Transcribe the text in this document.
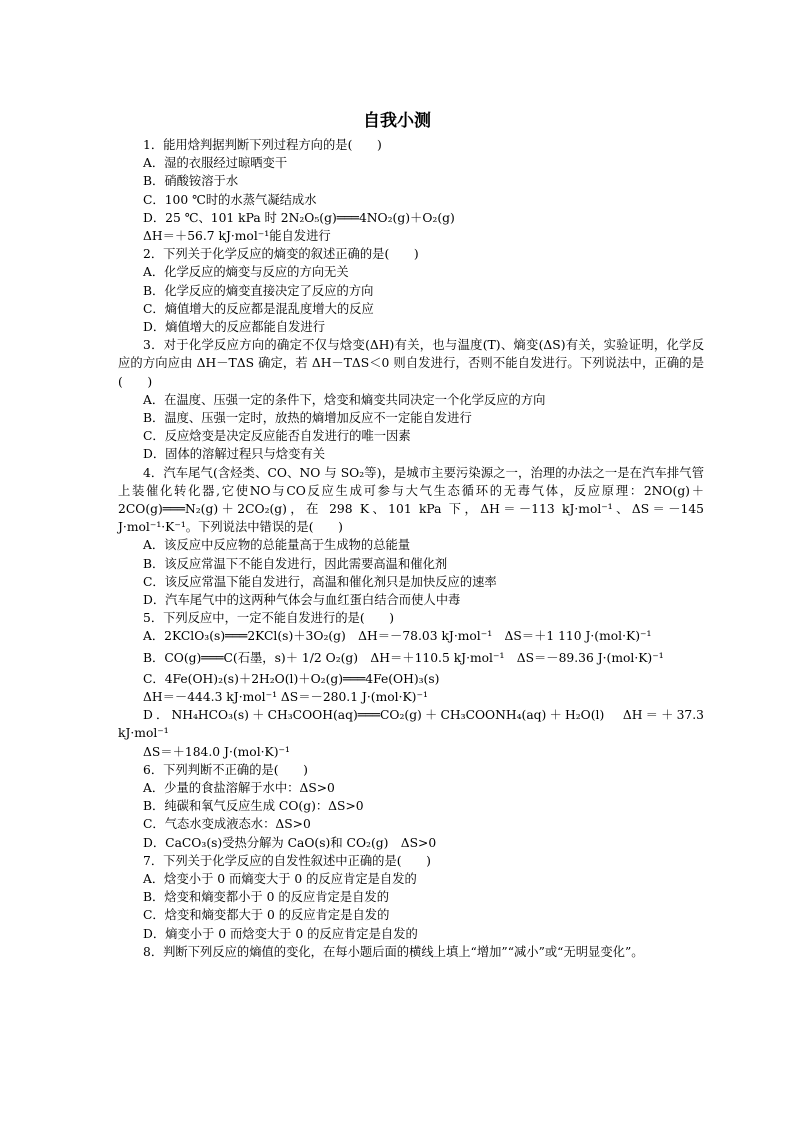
自我小测
1．能用焓判据判断下列过程方向的是(　　)
A．湿的衣服经过晾晒变干
B．硝酸铵溶于水
C．100 ℃时的水蒸气凝结成水
D．25 ℃、101 kPa 时 2N₂O₅(g)═══4NO₂(g)＋O₂(g)
ΔH＝＋56.7 kJ·mol⁻¹能自发进行
2．下列关于化学反应的熵变的叙述正确的是(　　)
A．化学反应的熵变与反应的方向无关
B．化学反应的熵变直接决定了反应的方向
C．熵值增大的反应都是混乱度增大的反应
D．熵值增大的反应都能自发进行
3．对于化学反应方向的确定不仅与焓变(ΔH)有关，也与温度(T)、熵变(ΔS)有关，实验证明，化学反应的方向应由 ΔH－TΔS 确定，若 ΔH－TΔS＜0 则自发进行，否则不能自发进行。下列说法中，正确的是(　　)
A．在温度、压强一定的条件下，焓变和熵变共同决定一个化学反应的方向
B．温度、压强一定时，放热的熵增加反应不一定能自发进行
C．反应焓变是决定反应能否自发进行的唯一因素
D．固体的溶解过程只与焓变有关
4．汽车尾气(含烃类、CO、NO 与 SO₂等)，是城市主要污染源之一，治理的办法之一是在汽车排气管上装催化转化器,它使NO与CO反应生成可参与大气生态循环的无毒气体，反应原理：2NO(g)＋2CO(g)═══N₂(g)＋2CO₂(g)，在 298 K、101 kPa 下，ΔH＝－113 kJ·mol⁻¹、ΔS＝－145 J·mol⁻¹·K⁻¹。下列说法中错误的是(　　)
A．该反应中反应物的总能量高于生成物的总能量
B．该反应常温下不能自发进行，因此需要高温和催化剂
C．该反应常温下能自发进行，高温和催化剂只是加快反应的速率
D．汽车尾气中的这两种气体会与血红蛋白结合而使人中毒
5．下列反应中，一定不能自发进行的是(　　)
A．2KClO₃(s)═══2KCl(s)＋3O₂(g)　ΔH＝－78.03 kJ·mol⁻¹　ΔS＝＋1 110 J·(mol·K)⁻¹
B．CO(g)═══C(石墨，s)＋ 1/2 O₂(g)　ΔH＝＋110.5 kJ·mol⁻¹　ΔS＝－89.36 J·(mol·K)⁻¹
C．4Fe(OH)₂(s)＋2H₂O(l)＋O₂(g)═══4Fe(OH)₃(s)
ΔH＝－444.3 kJ·mol⁻¹ ΔS＝－280.1 J·(mol·K)⁻¹
D．NH₄HCO₃(s)＋CH₃COOH(aq)═══CO₂(g)＋CH₃COONH₄(aq)＋H₂O(l)　ΔH＝＋37.3 kJ·mol⁻¹
ΔS＝＋184.0 J·(mol·K)⁻¹
6．下列判断不正确的是(　　)
A．少量的食盐溶解于水中：ΔS>0
B．纯碳和氧气反应生成 CO(g)：ΔS>0
C．气态水变成液态水：ΔS>0
D．CaCO₃(s)受热分解为 CaO(s)和 CO₂(g)　ΔS>0
7．下列关于化学反应的自发性叙述中正确的是(　　)
A．焓变小于 0 而熵变大于 0 的反应肯定是自发的
B．焓变和熵变都小于 0 的反应肯定是自发的
C．焓变和熵变都大于 0 的反应肯定是自发的
D．熵变小于 0 而焓变大于 0 的反应肯定是自发的
8．判断下列反应的熵值的变化，在每小题后面的横线上填上“增加”“减小”或“无明显变化”。
